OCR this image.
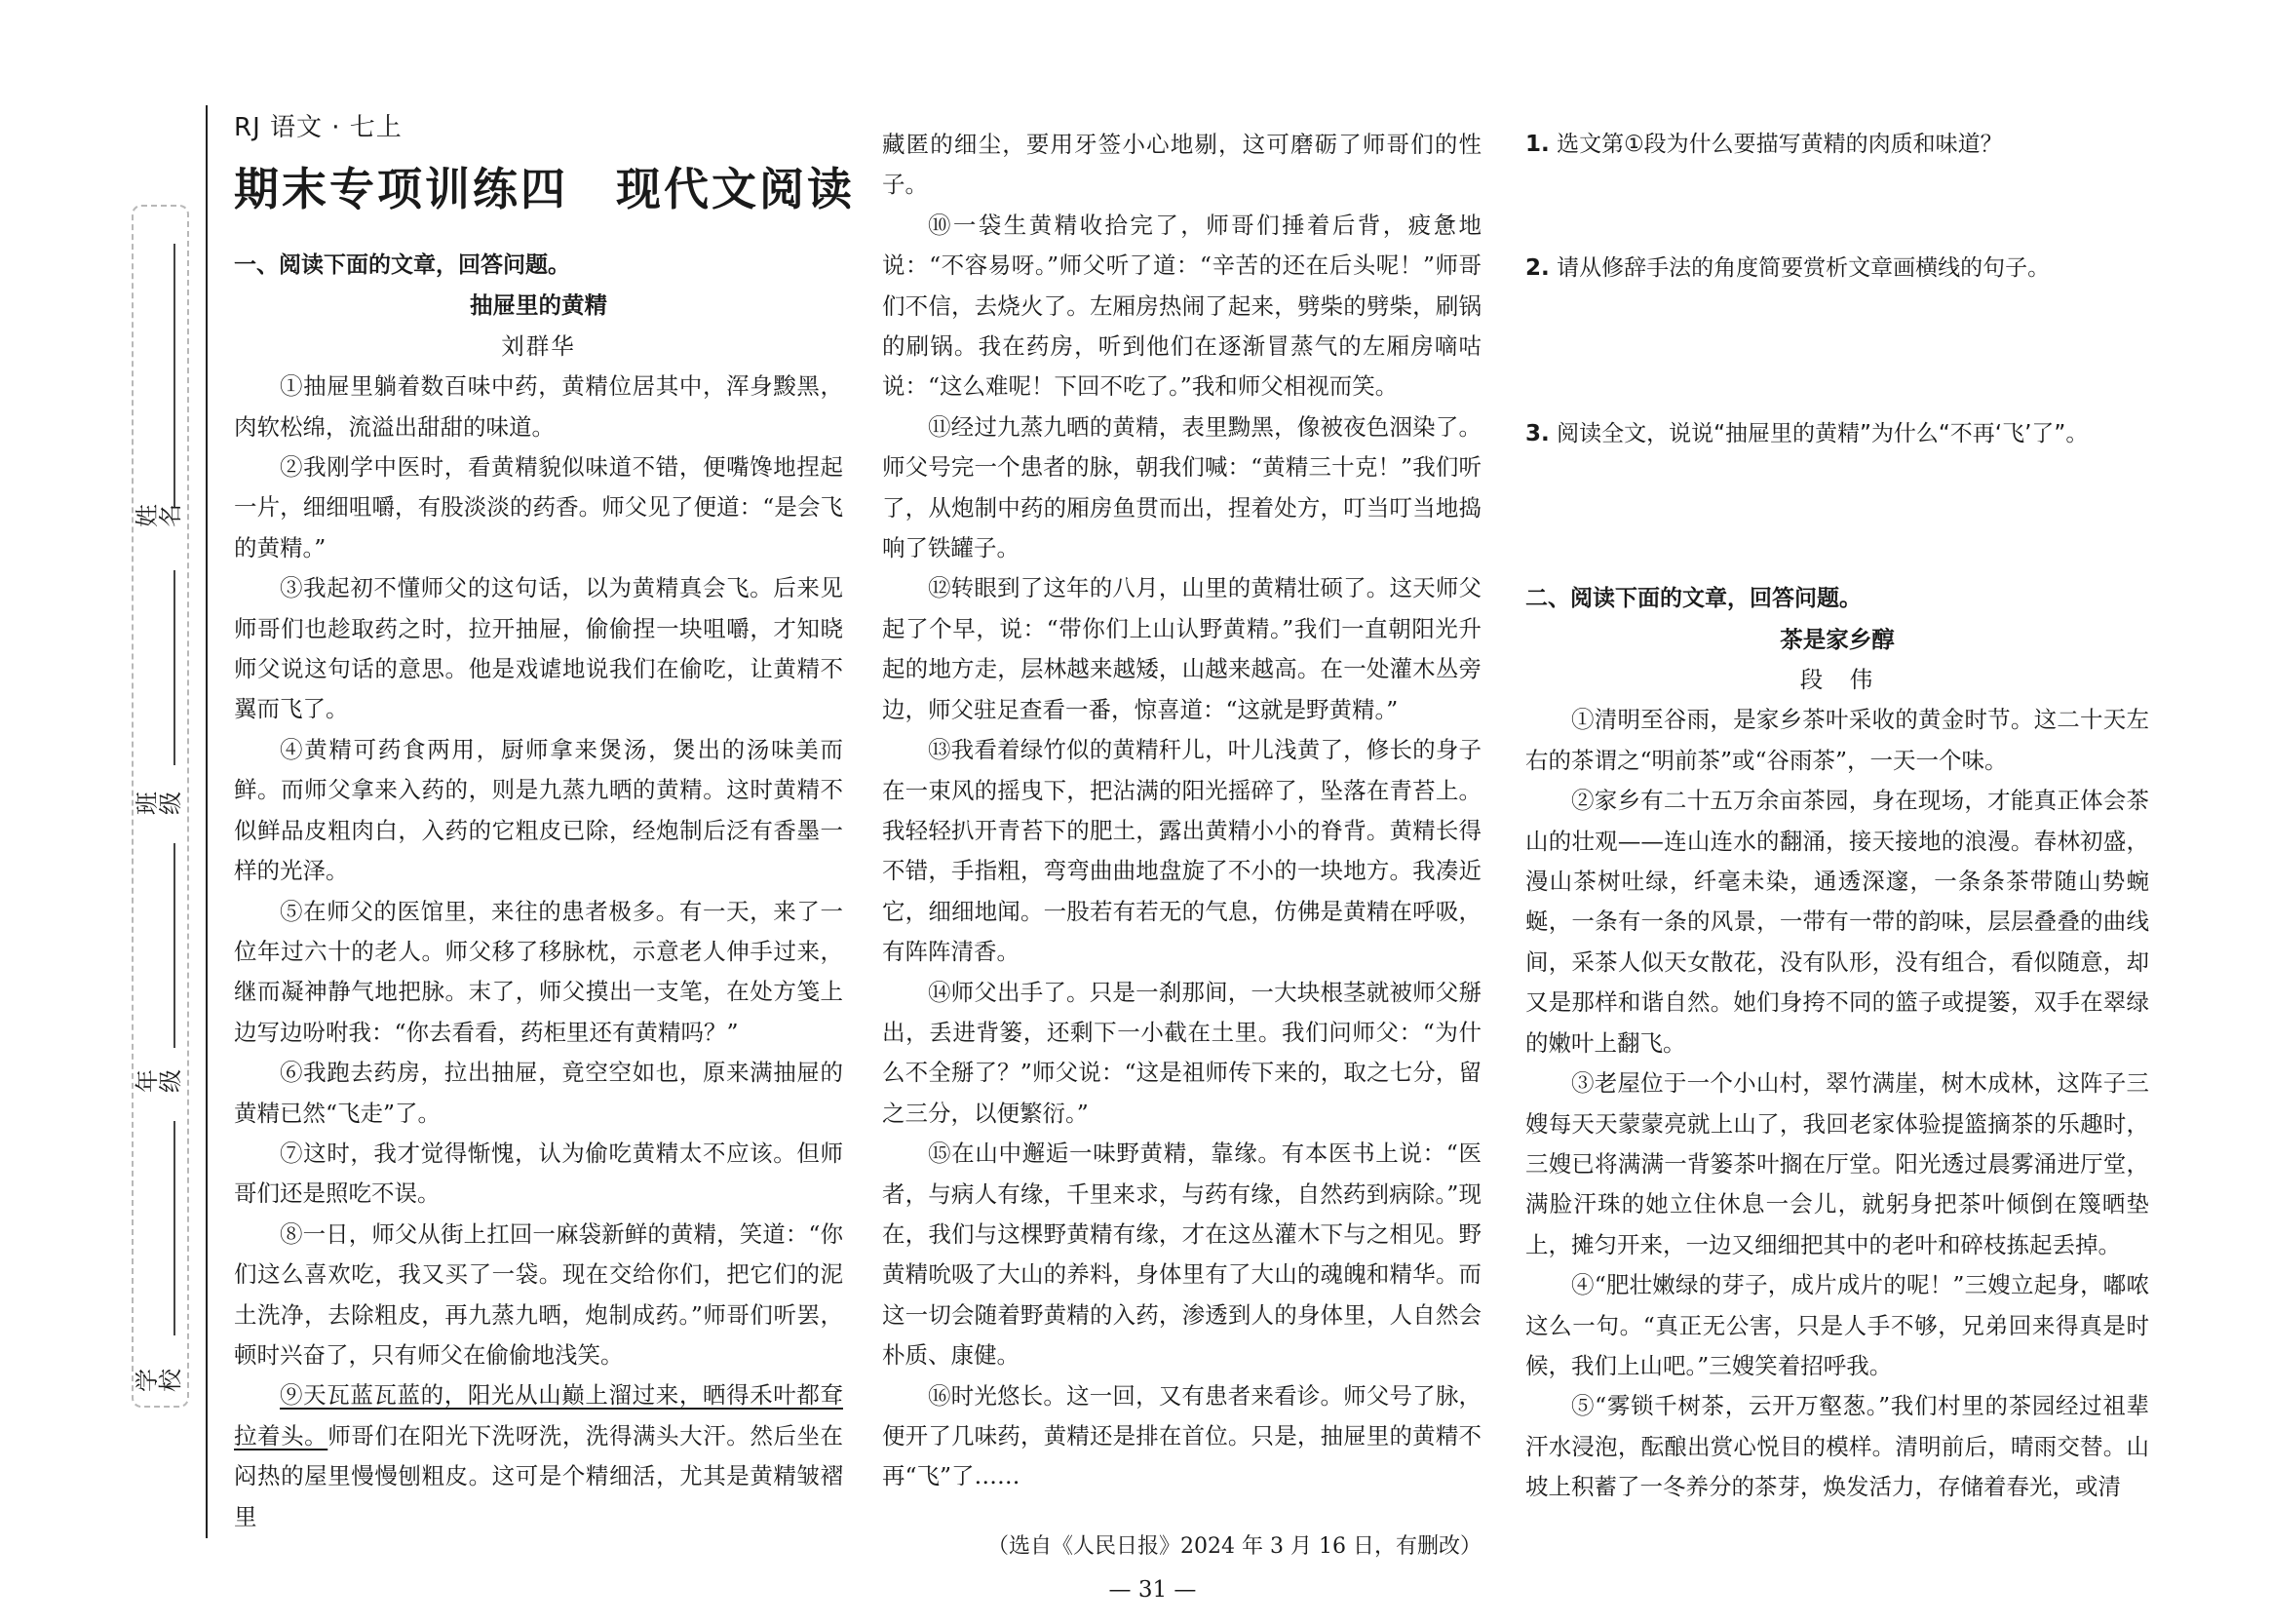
姓名
班级
年级
学校
RJ 语文 · 七上
期末专项训练四　现代文阅读
一、阅读下面的文章，回答问题。
抽屉里的黄精
刘群华

①抽屉里躺着数百味中药，黄精位居其中，浑身黢黑，肉软松绵，流溢出甜甜的味道。

②我刚学中医时，看黄精貌似味道不错，便嘴馋地捏起一片，细细咀嚼，有股淡淡的药香。师父见了便道：“是会飞的黄精。”

③我起初不懂师父的这句话，以为黄精真会飞。后来见师哥们也趁取药之时，拉开抽屉，偷偷捏一块咀嚼，才知晓师父说这句话的意思。他是戏谑地说我们在偷吃，让黄精不翼而飞了。

④黄精可药食两用，厨师拿来煲汤，煲出的汤味美而鲜。而师父拿来入药的，则是九蒸九晒的黄精。这时黄精不似鲜品皮粗肉白，入药的它粗皮已除，经炮制后泛有香墨一样的光泽。

⑤在师父的医馆里，来往的患者极多。有一天，来了一位年过六十的老人。师父移了移脉枕，示意老人伸手过来，继而凝神静气地把脉。末了，师父摸出一支笔，在处方笺上边写边吩咐我：“你去看看，药柜里还有黄精吗？”

⑥我跑去药房，拉出抽屉，竟空空如也，原来满抽屉的黄精已然“飞走”了。

⑦这时，我才觉得惭愧，认为偷吃黄精太不应该。但师哥们还是照吃不误。

⑧一日，师父从街上扛回一麻袋新鲜的黄精，笑道：“你们这么喜欢吃，我又买了一袋。现在交给你们，把它们的泥土洗净，去除粗皮，再九蒸九晒，炮制成药。”师哥们听罢，顿时兴奋了，只有师父在偷偷地浅笑。

⑨天瓦蓝瓦蓝的，阳光从山巅上溜过来，晒得禾叶都耷拉着头。师哥们在阳光下洗呀洗，洗得满头大汗。然后坐在闷热的屋里慢慢刨粗皮。这可是个精细活，尤其是黄精皱褶里

藏匿的细尘，要用牙签小心地剔，这可磨砺了师哥们的性子。

⑩一袋生黄精收拾完了，师哥们捶着后背，疲惫地说：“不容易呀。”师父听了道：“辛苦的还在后头呢！”师哥们不信，去烧火了。左厢房热闹了起来，劈柴的劈柴，刷锅的刷锅。我在药房，听到他们在逐渐冒蒸气的左厢房嘀咕说：“这么难呢！下回不吃了。”我和师父相视而笑。

⑪经过九蒸九晒的黄精，表里黝黑，像被夜色洇染了。师父号完一个患者的脉，朝我们喊：“黄精三十克！”我们听了，从炮制中药的厢房鱼贯而出，捏着处方，叮当叮当地捣响了铁罐子。

⑫转眼到了这年的八月，山里的黄精壮硕了。这天师父起了个早，说：“带你们上山认野黄精。”我们一直朝阳光升起的地方走，层林越来越矮，山越来越高。在一处灌木丛旁边，师父驻足查看一番，惊喜道：“这就是野黄精。”

⑬我看着绿竹似的黄精秆儿，叶儿浅黄了，修长的身子在一束风的摇曳下，把沾满的阳光摇碎了，坠落在青苔上。我轻轻扒开青苔下的肥土，露出黄精小小的脊背。黄精长得不错，手指粗，弯弯曲曲地盘旋了不小的一块地方。我凑近它，细细地闻。一股若有若无的气息，仿佛是黄精在呼吸，有阵阵清香。

⑭师父出手了。只是一刹那间，一大块根茎就被师父掰出，丢进背篓，还剩下一小截在土里。我们问师父：“为什么不全掰了？”师父说：“这是祖师传下来的，取之七分，留之三分，以便繁衍。”

⑮在山中邂逅一味野黄精，靠缘。有本医书上说：“医者，与病人有缘，千里来求，与药有缘，自然药到病除。”现在，我们与这棵野黄精有缘，才在这丛灌木下与之相见。野黄精吮吸了大山的养料，身体里有了大山的魂魄和精华。而这一切会随着野黄精的入药，渗透到人的身体里，人自然会朴质、康健。

⑯时光悠长。这一回，又有患者来看诊。师父号了脉，便开了几味药，黄精还是排在首位。只是，抽屉里的黄精不再“飞”了……

（选自《人民日报》2024 年 3 月 16 日，有删改）
— 31 —

1. 选文第①段为什么要描写黄精的肉质和味道？

2. 请从修辞手法的角度简要赏析文章画横线的句子。

3. 阅读全文，说说“抽屉里的黄精”为什么“不再‘飞’了”。

二、阅读下面的文章，回答问题。
茶是家乡醇
段　伟

①清明至谷雨，是家乡茶叶采收的黄金时节。这二十天左右的茶谓之“明前茶”或“谷雨茶”，一天一个味。

②家乡有二十五万余亩茶园，身在现场，才能真正体会茶山的壮观——连山连水的翻涌，接天接地的浪漫。春林初盛，漫山茶树吐绿，纤毫未染，通透深邃，一条条茶带随山势蜿蜒，一条有一条的风景，一带有一带的韵味，层层叠叠的曲线间，采茶人似天女散花，没有队形，没有组合，看似随意，却又是那样和谐自然。她们身挎不同的篮子或提篓，双手在翠绿的嫩叶上翻飞。

③老屋位于一个小山村，翠竹满崖，树木成林，这阵子三嫂每天天蒙蒙亮就上山了，我回老家体验提篮摘茶的乐趣时，三嫂已将满满一背篓茶叶搁在厅堂。阳光透过晨雾涌进厅堂，满脸汗珠的她立住休息一会儿，就躬身把茶叶倾倒在篾晒垫上，摊匀开来，一边又细细把其中的老叶和碎枝拣起丢掉。

④“肥壮嫩绿的芽子，成片成片的呢！”三嫂立起身，嘟哝这么一句。“真正无公害，只是人手不够，兄弟回来得真是时候，我们上山吧。”三嫂笑着招呼我。

⑤“雾锁千树茶，云开万壑葱。”我们村里的茶园经过祖辈汗水浸泡，酝酿出赏心悦目的模样。清明前后，晴雨交替。山坡上积蓄了一冬养分的茶芽，焕发活力，存储着春光，或清
